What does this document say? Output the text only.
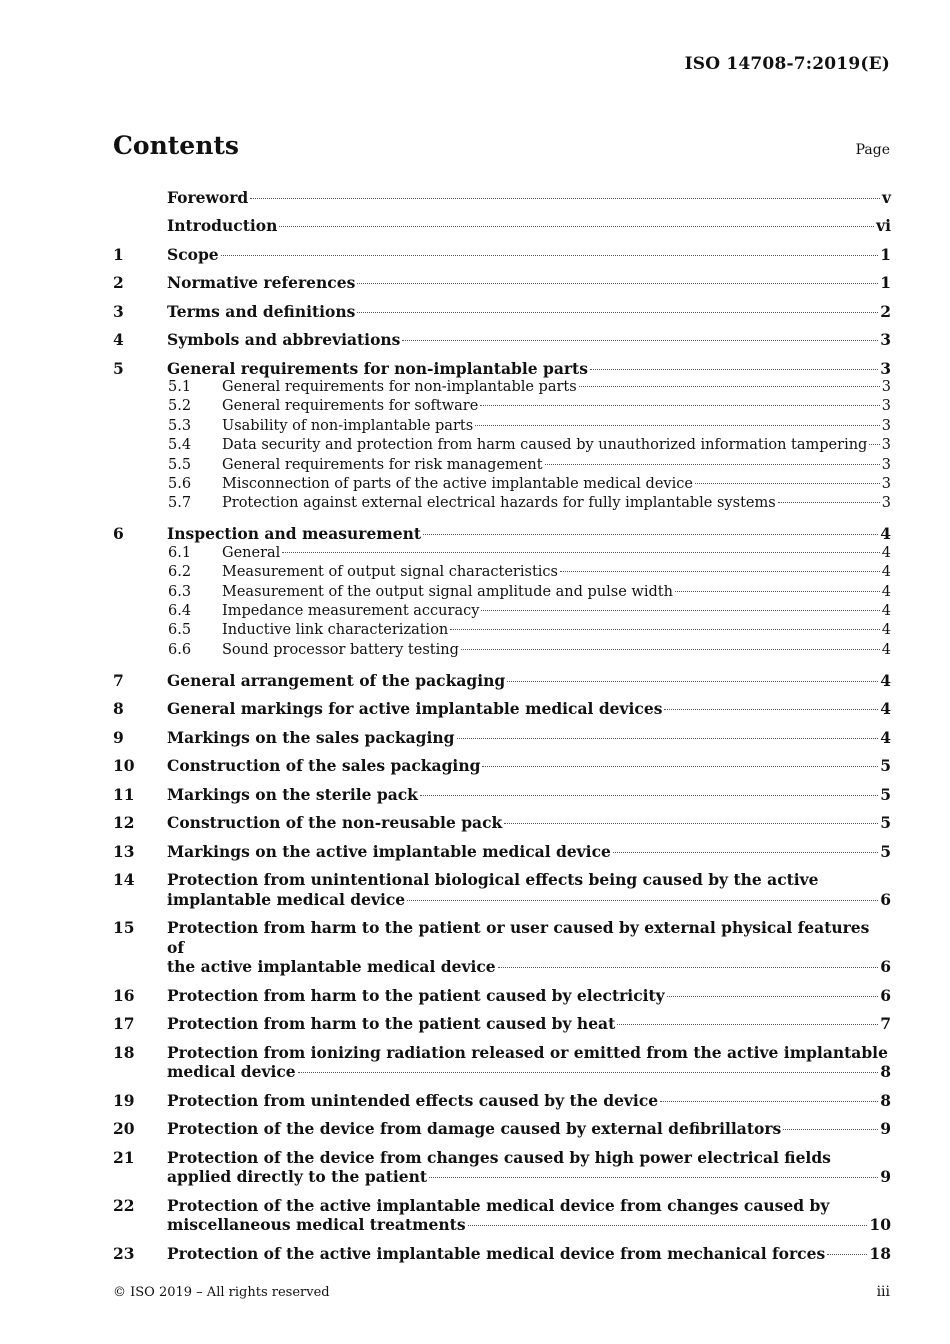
ISO 14708-7:2019(E)
Contents	Page
Foreword	v
Introduction	vi
1	Scope	1
2	Normative references	1
3	Terms and definitions	2
4	Symbols and abbreviations	3
5	General requirements for non-implantable parts	3
5.1 General requirements for non-implantable parts	3
5.2 General requirements for software	3
5.3 Usability of non-implantable parts	3
5.4 Data security and protection from harm caused by unauthorized information tampering 3
5.5 General requirements for risk management	3
5.6 Misconnection of parts of the active implantable medical device	3
5.7 Protection against external electrical hazards for fully implantable systems	3
6	Inspection and measurement	4
6.1 General	4
6.2 Measurement of output signal characteristics	4
6.3 Measurement of the output signal amplitude and pulse width	4
6.4 Impedance measurement accuracy	4
6.5 Inductive link characterization	4
6.6 Sound processor battery testing	4
7	General arrangement of the packaging	4
8	General markings for active implantable medical devices	4
9	Markings on the sales packaging	4
10 Construction of the sales packaging	5
11 Markings on the sterile pack	5
12 Construction of the non-reusable pack	5
13 Markings on the active implantable medical device	5
14 Protection from unintentional biological effects being caused by the active
implantable medical device	6
15 Protection from harm to the patient or user caused by external physical features of
the active implantable medical device	6
16 Protection from harm to the patient caused by electricity	6
17 Protection from harm to the patient caused by heat	7
18 Protection from ionizing radiation released or emitted from the active implantable
medical device	8
19 Protection from unintended effects caused by the device	8
20 Protection of the device from damage caused by external defibrillators	9
21 Protection of the device from changes caused by high power electrical fields
applied directly to the patient	9
22 Protection of the active implantable medical device from changes caused by
miscellaneous medical treatments	10
23 Protection of the active implantable medical device from mechanical forces	18
© ISO 2019 – All rights reserved	iii
